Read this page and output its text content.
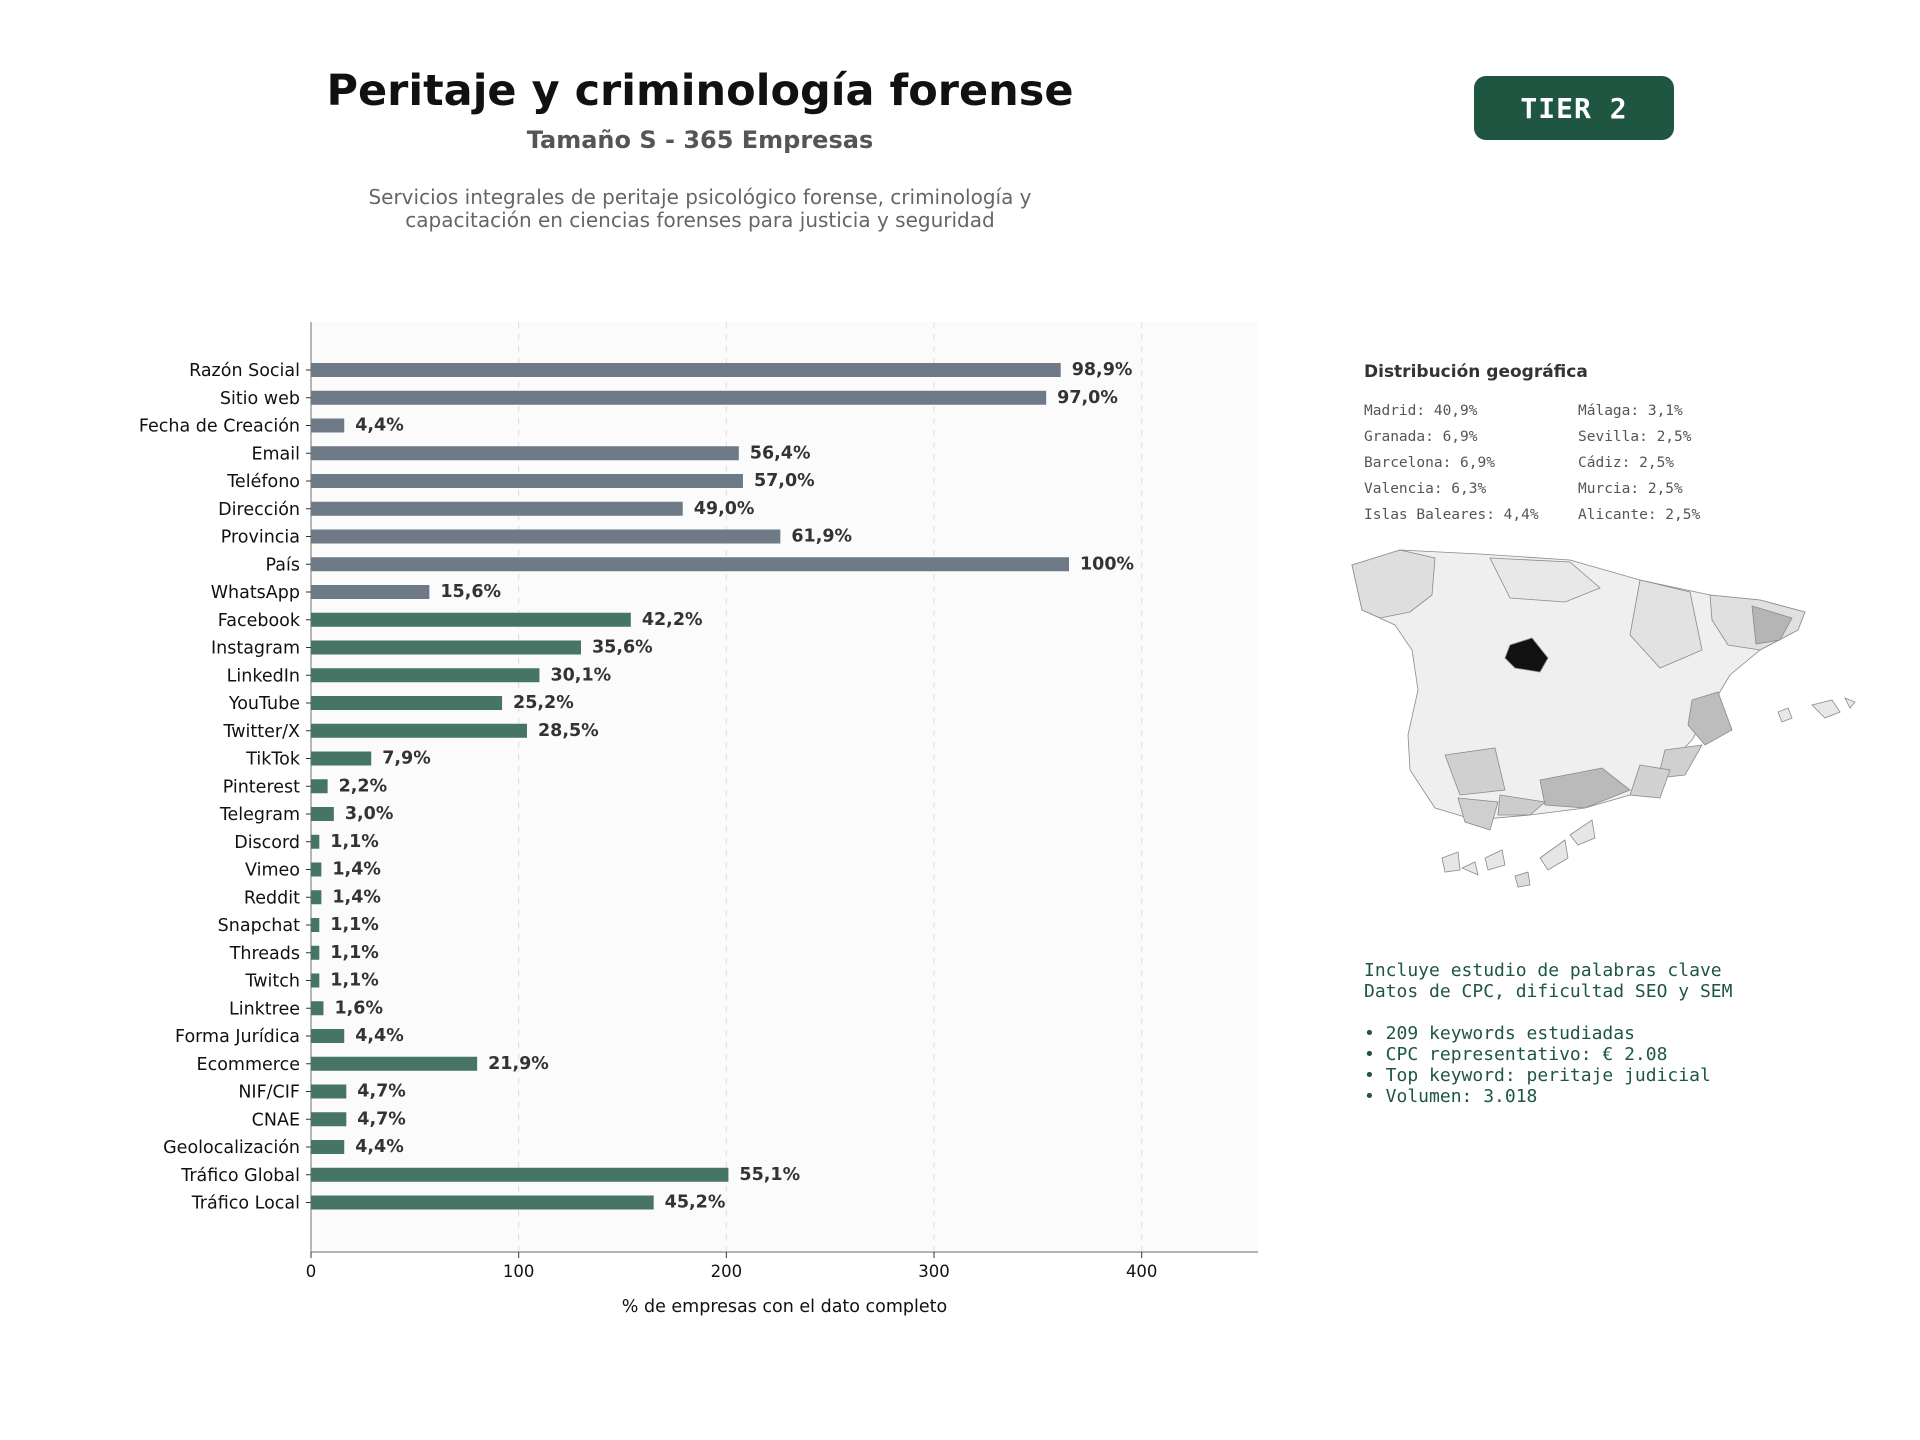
Peritaje y criminología forense
Tamaño S - 365 Empresas
Servicios integrales de peritaje psicológico forense, criminología y
capacitación en ciencias forenses para justicia y seguridad
TIER 2
Razón Social	98,9%
Sitio web	97,0%
Fecha de Creación	4,4%
Email	56,4%
Teléfono	57,0%
Dirección	49,0%
Provincia	61,9%
País	100%
WhatsApp	15,6%
Facebook	42,2%
Instagram	35,6%
LinkedIn	30,1%
YouTube	25,2%
Twitter/X	28,5%
TikTok	7,9%
Pinterest 2,2%
Telegram	3,0%
Discord 1,1%
Vimeo 1,4%
Reddit 1,4%
Snapchat 1,1%
Threads 1,1%
Twitch 1,1%
Linktree 1,6%
Forma Jurídica	4,4%
Ecommerce	21,9%
NIF/CIF	4,7%
CNAE	4,7%
Geolocalización	4,4%
Tráfico Global	55,1%
Tráfico Local	45,2%
0	100	200	300	400
% de empresas con el dato completo
Distribución geográfica
Madrid: 40,9%
Granada: 6,9%
Barcelona: 6,9%
Valencia: 6,3%
Islas Baleares: 4,4%
Málaga: 3,1%
Sevilla: 2,5%
Cádiz: 2,5%
Murcia: 2,5%
Alicante: 2,5%
Incluye estudio de palabras clave
Datos de CPC, dificultad SEO y SEM
• 209 keywords estudiadas
• CPC representativo: € 2.08
• Top keyword: peritaje judicial
• Volumen: 3.018
